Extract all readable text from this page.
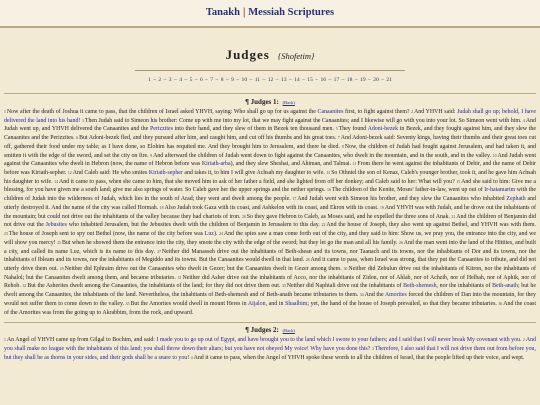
Tanakh | Messiah Scriptures
Judges {Shofetim}
1 – 2 – 3 – 4 – 5 – 6 – 7 – 8 – 9 – 10 – 11 – 12 – 13 – 14 – 15 – 16 – 17 – 18 – 19 – 20 – 21
¶ Judges 1: (Back)
$^1$Now after the death of Joshua it came to pass, that the children of Israel asked YHVH, saying: Who shall go up for us against the Canaanites first, to fight against them? $^2$And YHVH said: Judah shall go up; behold, I have delivered the land into his hand! $^3$Then Judah said to Simeon his brother: Come up with me into my lot, that we may fight against the Canaanites; and I likewise will go with you into your lot. So Simeon went with him. $^4$And Judah went up, and YHVH delivered the Canaanites and the Perizzites into their hand, and they slew of them in Bezek ten thousand men. $^5$They found Adoni-bezek in Bezek, and they fought against him, and they slew the Canaanites and the Perizzites. $^6$But Adoni-bezek fled, and they pursued after him, and caught him, and cut off his thumbs and his great toes. $^7$And Adoni-bezek said: Seventy kings, having their thumbs and their great toes cut off, gathered their food under my table; as I have done, so Elohim has requited me. And they brought him to Jerusalem, and there he died. $^8$Now, the children of Judah had fought against Jerusalem, and had taken it, and smitten it with the edge of the sword, and set the city on fire. $^9$And afterward the children of Judah went down to fight against the Canaanites, who dwelt in the mountain, and in the south, and in the valley. $^{10}$And Judah went against the Canaanites who dwelt in Hebron (now, the name of Hebron before was Kiriath-arba), and they slew Sheshai, and Ahiman, and Talmai. $^{11}$From there he went against the inhabitants of Debir, and the name of Debir before was Kiriath-sepher. $^{12}$And Caleb said: He who smites Kiriath-sepher and takes it, to him I will give Achsah my daughter to wife. $^{13}$So Othniel the son of Kenaz, Caleb's younger brother, took it, and he gave him Achsah his daughter to wife. $^{14}$And it came to pass, when she came to him, that she moved him to ask of her father a field, and she lighted from off her donkey; and Caleb said to her: What will you? $^{15}$And she said to him: Give me a blessing, for you have given me a south land; give me also springs of water. So Caleb gave her the upper springs and the nether springs. $^{16}$The children of the Kenite, Moses' father-in-law, went up out of Ir-hatamarim with the children of Judah into the wilderness of Judah, which lies in the south of Arad; they went and dwelt among the people. $^{17}$And Judah went with Simeon his brother, and they slew the Canaanites who inhabited Zephath and utterly destroyed it. And the name of the city was called Hormah. $^{18}$Also Judah took Gaza with its coast, and Ashkelon with its coast, and Ekron with its coast. $^{19}$And YHVH was with Judah, and he drove out the inhabitants of the mountain; but could not drive out the inhabitants of the valley because they had chariots of iron. $^{20}$So they gave Hebron to Caleb, as Moses said, and he expelled the three sons of Anak. $^{21}$And the children of Benjamin did not drive out the Jebusites who inhabited Jerusalem, but the Jebusites dwelt with the children of Benjamin in Jerusalem to this day. $^{22}$And the house of Joseph, they also went up against Bethel, and YHVH was with them. $^{23}$The house of Joseph sent to spy out Bethel (now, the name of the city before was Luz). $^{24}$And the spies saw a man come forth out of the city, and they said to him: Show us, we pray you, the entrance into the city, and we will show you mercy! $^{25}$But when he showed them the entrance into the city, they smote the city with the edge of the sword; but they let go the man and all his family. $^{26}$And the man went into the land of the Hittites, and built a city, and called its name Luz, which is its name to this day. $^{27}$Neither did Manasseh drive out the inhabitants of Beth-shean and its towns, nor Taanach and its towns, nor the inhabitants of Dor and its towns, nor the inhabitants of Ibleam and its towns, nor the inhabitants of Megiddo and its towns. But the Canaanites would dwell in that land. $^{28}$And it came to pass, when Israel was strong, that they put the Canaanites to tribute, and did not utterly drive them out. $^{29}$Neither did Ephraim drive out the Canaanites who dwelt in Gezer; but the Canaanites dwelt in Gezer among them. $^{30}$Neither did Zebulun drive out the inhabitants of Kitron, nor the inhabitants of Nahalol; but the Canaanites dwelt among them, and became tributaries. $^{31}$Neither did Asher drive out the inhabitants of Acco, nor the inhabitants of Zidon, nor of Ahlab, nor of Achzib, nor of Helbah, nor of Aphik, nor of Rehob. $^{32}$But the Asherites dwelt among the Canaanites, the inhabitants of the land; for they did not drive them out. $^{33}$Neither did Naphtali drive out the inhabitants of Beth-shemesh, nor the inhabitants of Beth-anath; but he dwelt among the Canaanites, the inhabitants of the land. Nevertheless, the inhabitants of Beth-shemesh and of Beth-anath became tributaries to them. $^{34}$And the Amorites forced the children of Dan into the mountain, for they would not suffer them to come down to the valley. $^{35}$But the Amorites would dwell in mount Heres in Aijalon, and in Shaalbim; yet, the hand of the house of Joseph prevailed, so that they became tributaries. $^{36}$And the coast of the Amorites was from the going up to Akrabbim, from the rock, and upward.
¶ Judges 2: (Back)
$^1$An Angel of YHVH came up from Gilgal to Bochim, and said: I made you to go up out of Egypt, and have brought you to the land which I swore to your fathers; and I said that I will never break My covenant with you. $^2$And you shall make no league with the inhabitants of this land; you shall throw down their altars; but you have not obeyed My voice! Why have you done this? $^3$Therefore, I also said that I will not drive them out from before you, but they shall be as thorns in your sides, and their gods shall be a snare to you! $^4$And it came to pass, when the Angel of YHVH spoke these words to all the children of Israel, that the people lifted up their voice, and wept.
